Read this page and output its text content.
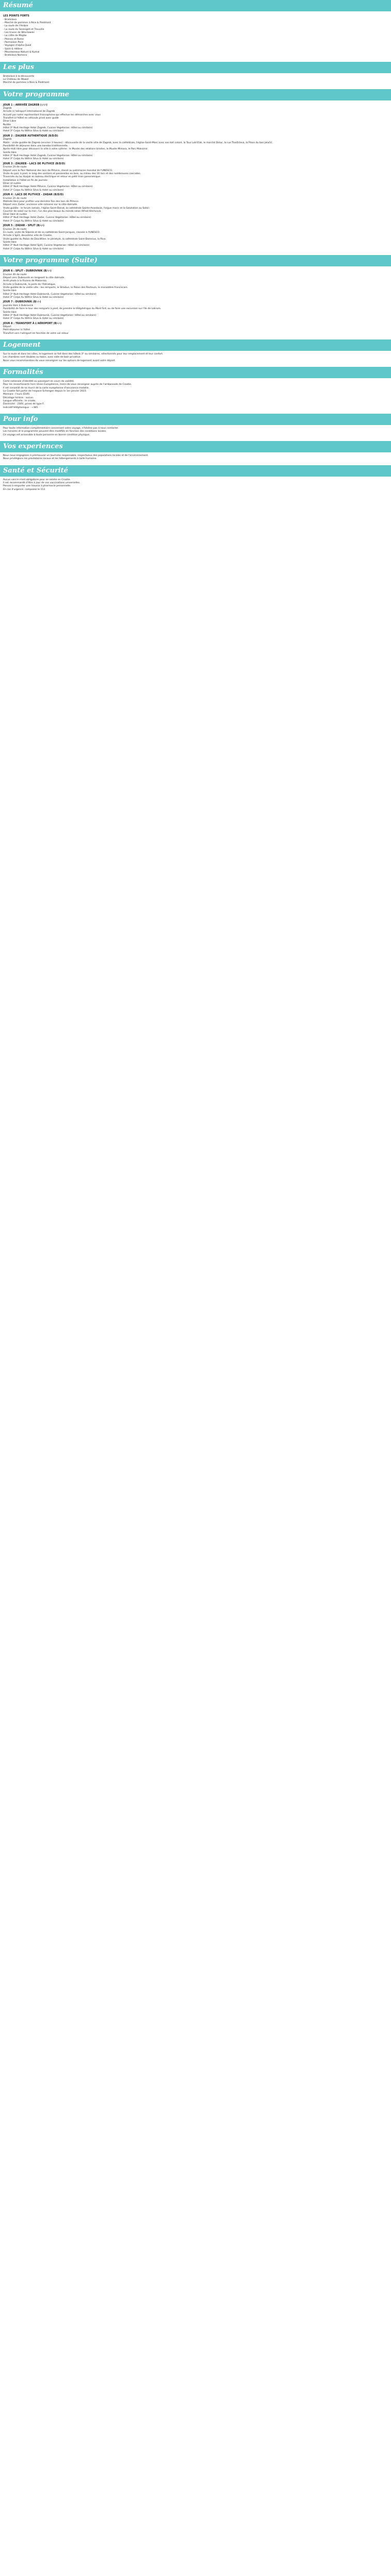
Résumé
LES POINTS FORTS

- Bratislava
- Marché de pommes à Nice & Piedmont
- La route de l'Ambre
- La route du Serengeti et Trouville
- Les traces de Wroclawski
- La crête de Maybe
- Pleines et Rome
- Parmaison Paris
- Voyages d'alpha Quod
- Saint & Hélène
- Mountainous Nature & Kumal
- Bratislava Nomeco

Les plus

Bratislava à la découverte
Le Château de Wawel
Marché de pommes à Nice & Piedmont

Votre programme
JOUR 1 : ARRIVÉE ZAGREB (-/-/-)

Zagreb
Arrivée à l'aéroport international de Zagreb
Accueil par notre représentant francophone qui effectue les démarches avec vous
Transfert à l'hôtel en véhicule privé avec guide
Dîner Libre
Nuitée
Hôtel 3* Nuit Heritage Hotel Zagreb, Cuisine Vegetarian: Hôtel ou similaire)
Hotel 3* Colpo Au Wilhin Silva & Hotel ou similaire)

JOUR 2 : ZAGREB AUTHENTIQUE (B/D/D)

Zagreb
Matin : visite guidée de Zagreb (environ 3 heures) : découverte de la vieille ville de Zagreb, avec la cathédrale, l'église Saint-Marc avec son toit coloré, la Tour Lotrščak, le marché Dolac, la rue Tkalčićeva, la Place du ban Jelačić.
Possibilité de déjeuner dans une konoba traditionnelle.
Après-midi libre pour découvrir la ville à votre rythme : le Musée des relations brisées, le Musée Mimara, le Parc Maksimir.
Soirée libre
Hôtel 3* Nuit Heritage Hotel Zagreb, Cuisine Vegetarian: Hôtel ou similaire)
Hotel 3* Colpo Au Wilhin Silva & Hotel ou similaire)

JOUR 3 : ZAGREB - LACS DE PLITVICE (B/D/D)

Environ 2h de route
Départ vers le Parc National des lacs de Plitvice, classé au patrimoine mondial de l'UNESCO.
Visite du parc à pied, le long des sentiers et passerelles en bois, au milieu des 16 lacs et des nombreuses cascades.
Traversée du lac Kozjak en bateau électrique et retour en petit train panoramique.
Installation à l'hôtel en fin de journée
Dîner et nuitée
Hôtel 3* Nuit Heritage Hotel Plitvice, Cuisine Vegetarian: Hôtel ou similaire)
Hotel 3* Colpo Au Wilhin Silva & Hotel ou similaire)

JOUR 4 : LACS DE PLITVICE - ZADAR (B/D/D)

Environ 2h de route
Matinée libre pour profiter une dernière fois des lacs de Plitvice.
Départ vers Zadar, ancienne ville romaine sur la côte dalmate.
Visite guidée : le forum romain, l'église Saint-Donat, la cathédrale Sainte-Anastasie, l'orgue marin et la Salutation au Soleil.
Coucher de soleil sur la mer, l'un des plus beaux du monde selon Alfred Hitchcock.
Dîner libre et nuitée
Hôtel 3* Nuit Heritage Hotel Zadar, Cuisine Vegetarian: Hôtel ou similaire)
Hotel 3* Colpo Au Wilhin Silva & Hotel ou similaire)

JOUR 5 : ZADAR - SPLIT (B/-/-)

Environ 2h de route
En route, visite de Šibenik et de sa cathédrale Saint-Jacques, classée à l'UNESCO.
Arrivée à Split, deuxième ville de Croatie.
Visite guidée du Palais de Dioclétien, le péristyle, la cathédrale Saint-Domnius, la Riva.
Soirée libre
Hôtel 3* Nuit Heritage Hotel Split, Cuisine Vegetarian: Hôtel ou similaire)
Hotel 3* Colpo Au Wilhin Silva & Hotel ou similaire)

Votre programme (Suite)
JOUR 6 : SPLIT - DUBROVNIK (B/-/-)

Environ 4h de route
Départ vers Dubrovnik en longeant la côte dalmate.
Arrêt photo à la Riviera de Makarska.
Arrivée à Dubrovnik, la perle de l'Adriatique.
Visite guidée de la vieille ville : les remparts, le Stradun, le Palais des Recteurs, le monastère franciscain.
Soirée libre
Hôtel 3* Nuit Heritage Hotel Dubrovnik, Cuisine Vegetarian: Hôtel ou similaire)
Hotel 3* Colpo Au Wilhin Silva & Hotel ou similaire)

JOUR 7 : DUBROVNIK (B/-/-)

Journée libre à Dubrovnik
Possibilité de faire le tour des remparts à pied, de prendre le téléphérique du Mont Srđ, ou de faire une excursion sur l'île de Lokrum.
Soirée libre
Hôtel 3* Nuit Heritage Hotel Dubrovnik, Cuisine Vegetarian: Hôtel ou similaire)
Hotel 3* Colpo Au Wilhin Silva & Hotel ou similaire)

JOUR 8 : TRANSFERT À L'AÉROPORT (B/-/-)

Départ
Petit-déjeuner à l'hôtel
Transfert vers l'aéroport en fonction de votre vol retour

Logement

Sur la route et dans les villes, le logement se fait dans des hôtels 3* ou similaires, sélectionnés pour leur emplacement et leur confort.
Les chambres sont doubles ou twins, avec salle de bain privative.
Nous vous recommandons de vous renseigner sur les options de logement avant votre départ.

Formalités

Carte nationale d'identité ou passeport en cours de validité.
Pour les ressortissants hors Union Européenne, merci de vous renseigner auprès de l'ambassade de Croatie.
Il est conseillé de se munir de la carte européenne d'assurance maladie.
La Croatie fait partie de l'espace Schengen depuis le 1er janvier 2023.
Monnaie : l'euro (EUR).
Décalage horaire : aucun.
Langue officielle : le croate.
Électricité : 230V, prises de type F.
Indicatif téléphonique : +385.

Pour info

Pour toute information complémentaire concernant votre voyage, n'hésitez pas à nous contacter.
Les horaires et le programme peuvent être modifiés en fonction des conditions locales.
Ce voyage est accessible à toute personne en bonne condition physique.

Vos experiences

Nous nous engageons à promouvoir un tourisme responsable, respectueux des populations locales et de l'environnement.
Nous privilégions les prestataires locaux et les hébergements à taille humaine.

Santé et Sécurité

Aucun vaccin n'est obligatoire pour se rendre en Croatie.
Il est recommandé d'être à jour de vos vaccinations universelles.
Pensez à emporter une trousse à pharmacie personnelle.
En cas d'urgence, composez le 112.
